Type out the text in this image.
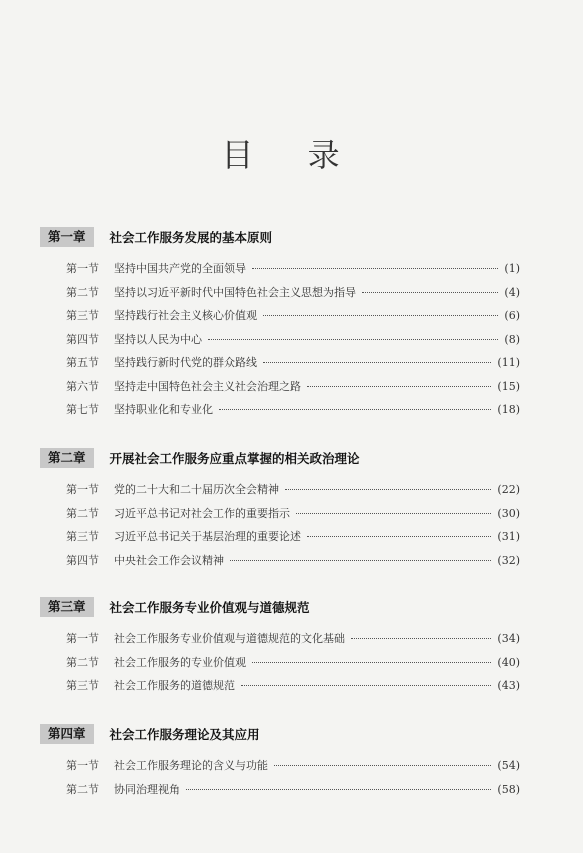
目 录
第一章	社会工作服务发展的基本原则
第一节	坚持中国共产党的全面领导	(1)
第二节	坚持以习近平新时代中国特色社会主义思想为指导	(4)
第三节	坚持践行社会主义核心价值观	(6)
第四节	坚持以人民为中心	(8)
第五节	坚持践行新时代党的群众路线	(11)
第六节	坚持走中国特色社会主义社会治理之路	(15)
第七节	坚持职业化和专业化	(18)
第二章	开展社会工作服务应重点掌握的相关政治理论
第一节	党的二十大和二十届历次全会精神	(22)
第二节	习近平总书记对社会工作的重要指示	(30)
第三节	习近平总书记关于基层治理的重要论述	(31)
第四节	中央社会工作会议精神	(32)
第三章	社会工作服务专业价值观与道德规范
第一节	社会工作服务专业价值观与道德规范的文化基础	(34)
第二节	社会工作服务的专业价值观	(40)
第三节	社会工作服务的道德规范	(43)
第四章	社会工作服务理论及其应用
第一节	社会工作服务理论的含义与功能	(54)
第二节	协同治理视角	(58)
